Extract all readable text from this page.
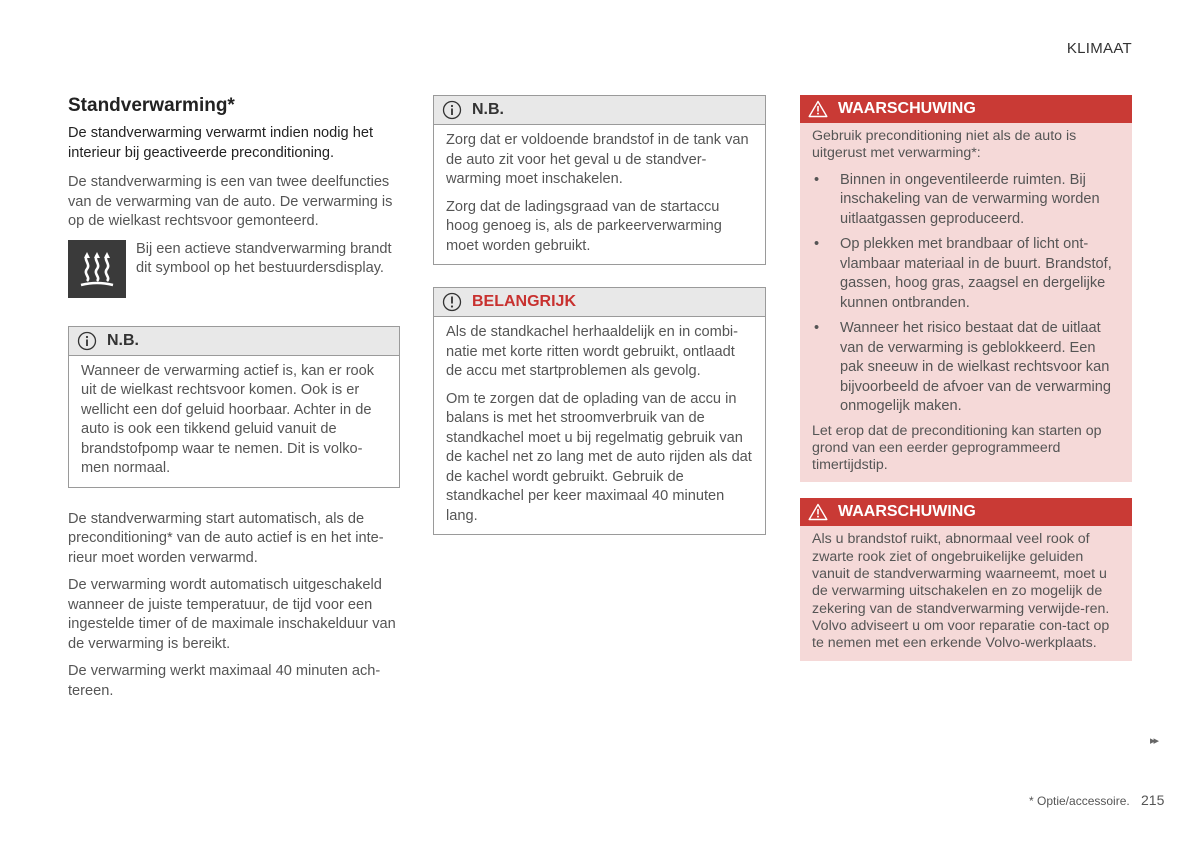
KLIMAAT
Standverwarming*
De standverwarming verwarmt indien nodig het interieur bij geactiveerde preconditioning.

De standverwarming is een van twee deelfuncties van de verwarming van de auto. De verwarming is op de wielkast rechtsvoor gemonteerd.

Bij een actieve standverwarming brandt dit symbool op het bestuurdersdisplay.
N.B.

Wanneer de verwarming actief is, kan er rook uit de wielkast rechtsvoor komen. Ook is er wellicht een dof geluid hoorbaar. Achter in de auto is ook een tikkend geluid vanuit de brandstofpomp waar te nemen. Dit is volko-men normaal.

De standverwarming start automatisch, als de preconditioning* van de auto actief is en het inte-rieur moet worden verwarmd.

De verwarming wordt automatisch uitgeschakeld wanneer de juiste temperatuur, de tijd voor een ingestelde timer of de maximale inschakelduur van de verwarming is bereikt.

De verwarming werkt maximaal 40 minuten ach-tereen.

N.B.

Zorg dat er voldoende brandstof in de tank van de auto zit voor het geval u de standver-warming moet inschakelen.

Zorg dat de ladingsgraad van de startaccu hoog genoeg is, als de parkeerverwarming moet worden gebruikt.

BELANGRIJK

Als de standkachel herhaaldelijk en in combi-natie met korte ritten wordt gebruikt, ontlaadt de accu met startproblemen als gevolg.

Om te zorgen dat de oplading van de accu in balans is met het stroomverbruik van de standkachel moet u bij regelmatig gebruik van de kachel net zo lang met de auto rijden als dat de kachel wordt gebruikt. Gebruik de standkachel per keer maximaal 40 minuten lang.

WAARSCHUWING

Gebruik preconditioning niet als de auto is uitgerust met verwarming*:

• Binnen in ongeventileerde ruimten. Bij inschakeling van de verwarming worden uitlaatgassen geproduceerd.
• Op plekken met brandbaar of licht ont-vlambaar materiaal in de buurt. Brandstof, gassen, hoog gras, zaagsel en dergelijke kunnen ontbranden.
• Wanneer het risico bestaat dat de uitlaat van de verwarming is geblokkeerd. Een pak sneeuw in de wielkast rechtsvoor kan bijvoorbeeld de afvoer van de verwarming onmogelijk maken.

Let erop dat de preconditioning kan starten op grond van een eerder geprogrammeerd timertijdstip.

WAARSCHUWING

Als u brandstof ruikt, abnormaal veel rook of zwarte rook ziet of ongebruikelijke geluiden vanuit de standverwarming waarneemt, moet u de verwarming uitschakelen en zo mogelijk de zekering van de standverwarming verwijde-ren. Volvo adviseert u om voor reparatie con-tact op te nemen met een erkende Volvo-werkplaats.

▸▸
* Optie/accessoire. 215
